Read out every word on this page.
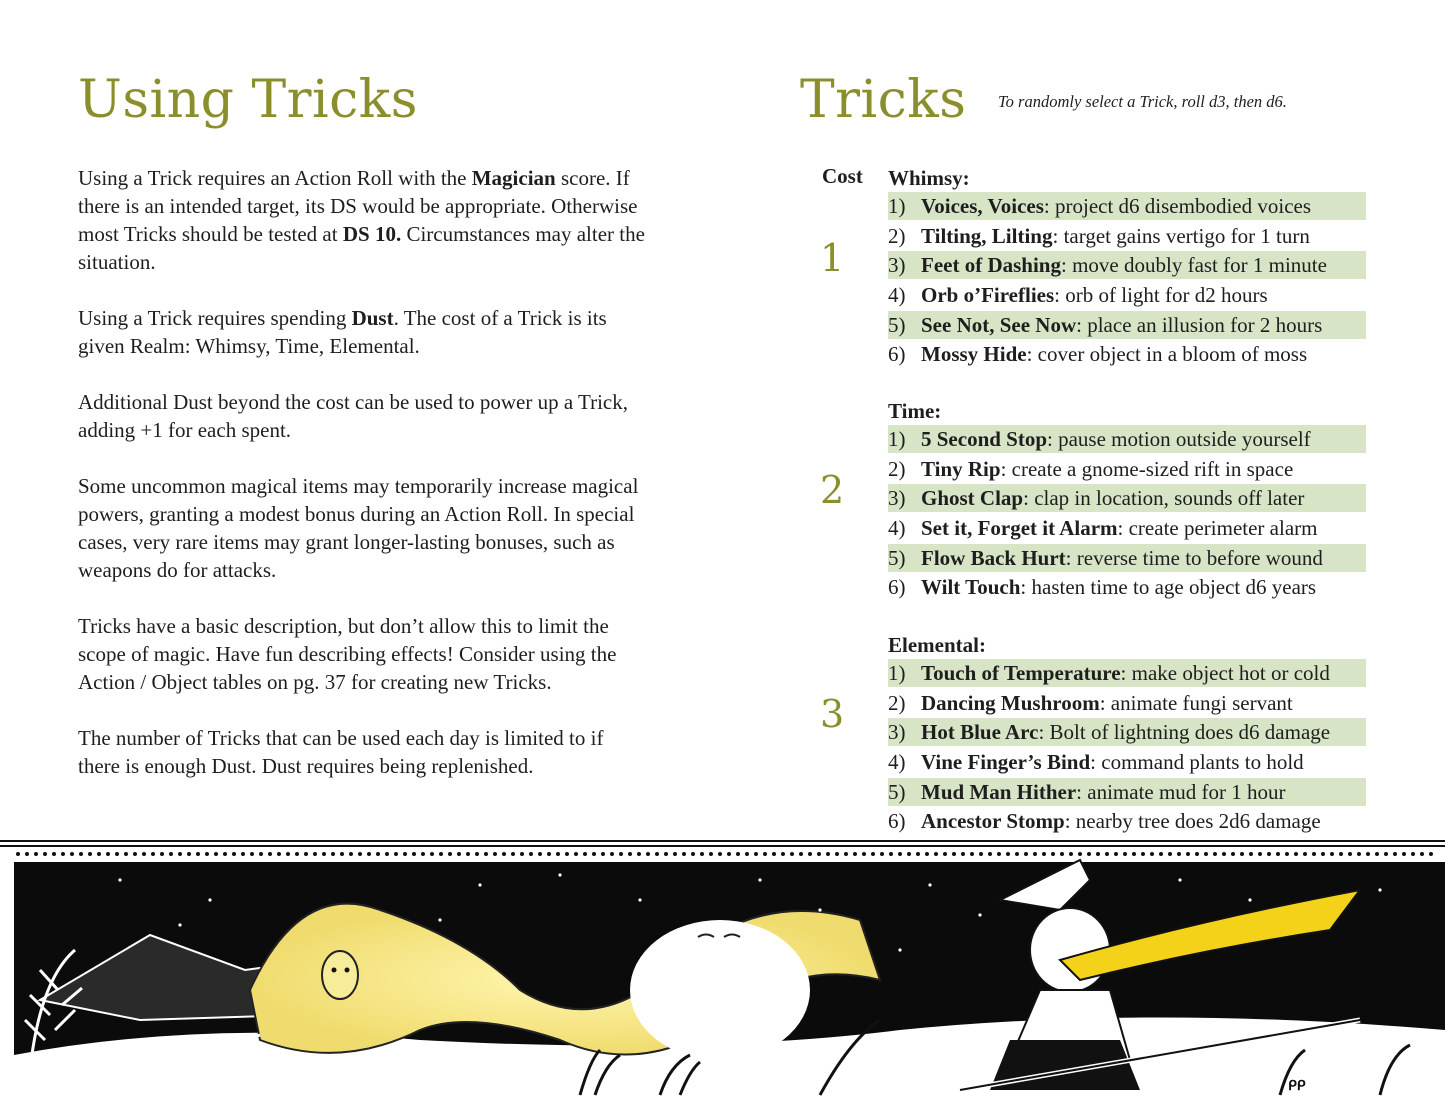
Using Tricks

Using a Trick requires an Action Roll with the Magician score. If there is an intended target, its DS would be appropriate. Otherwise most Tricks should be tested at DS 10. Circumstances may alter the situation.

Using a Trick requires spending Dust. The cost of a Trick is its given Realm: Whimsy, Time, Elemental.

Additional Dust beyond the cost can be used to power up a Trick, adding +1 for each spent.

Some uncommon magical items may temporarily increase magical powers, granting a modest bonus during an Action Roll. In special cases, very rare items may grant longer-lasting bonuses, such as weapons do for attacks.

Tricks have a basic description, but don’t allow this to limit the scope of magic. Have fun describing effects! Consider using the Action / Object tables on pg. 37 for creating new Tricks.

The number of Tricks that can be used each day is limited to if there is enough Dust. Dust requires being replenished.

Tricks To randomly select a Trick, roll d3, then d6.
Cost
1
2
3
Whimsy:
1) Voices, Voices : project d6 disembodied voices
2) Tilting, Lilting : target gains vertigo for 1 turn
3) Feet of Dashing : move doubly fast for 1 minute
4) Orb o’Fireflies : orb of light for d2 hours
5) See Not, See Now : place an illusion for 2 hours
6) Mossy Hide : cover object in a bloom of moss
Time:
1) 5 Second Stop : pause motion outside yourself
2) Tiny Rip : create a gnome-sized rift in space
3) Ghost Clap : clap in location, sounds off later
4) Set it, Forget it Alarm : create perimeter alarm
5) Flow Back Hurt : reverse time to before wound
6) Wilt Touch : hasten time to age object d6 years
Elemental:
1) Touch of Temperature : make object hot or cold
2) Dancing Mushroom : animate fungi servant
3) Hot Blue Arc : Bolt of lightning does d6 damage
4) Vine Finger’s Bind : command plants to hold
5) Mud Man Hither : animate mud for 1 hour
6) Ancestor Stomp : nearby tree does 2d6 damage
ᑭᑭ
